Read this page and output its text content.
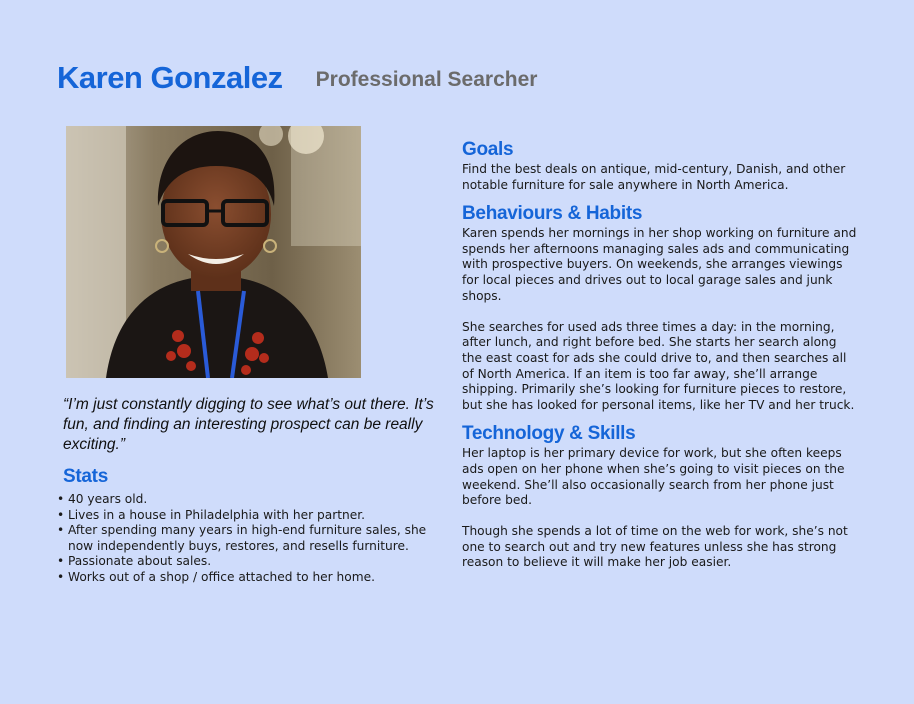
Karen Gonzalez Professional Searcher
“I’m just constantly digging to see what’s out there. It’s fun, and finding an interesting prospect can be really exciting.”
Stats
• 40 years old.
• Lives in a house in Philadelphia with her partner.
• After spending many years in high-end furniture sales, she now independently buys, restores, and resells furniture.
• Passionate about sales.
• Works out of a shop / office attached to her home.
Goals

Find the best deals on antique, mid-century, Danish, and other notable furniture for sale anywhere in North America.

Behaviours & Habits

Karen spends her mornings in her shop working on furniture and spends her afternoons managing sales ads and communicating with prospective buyers. On weekends, she arranges viewings for local pieces and drives out to local garage sales and junk shops.

She searches for used ads three times a day: in the morning, after lunch, and right before bed. She starts her search along the east coast for ads she could drive to, and then searches all of North America. If an item is too far away, she’ll arrange shipping. Primarily she’s looking for furniture pieces to restore, but she has looked for personal items, like her TV and her truck.

Technology & Skills

Her laptop is her primary device for work, but she often keeps ads open on her phone when she’s going to visit pieces on the weekend. She’ll also occasionally search from her phone just before bed.

Though she spends a lot of time on the web for work, she’s not one to search out and try new features unless she has strong reason to believe it will make her job easier.
